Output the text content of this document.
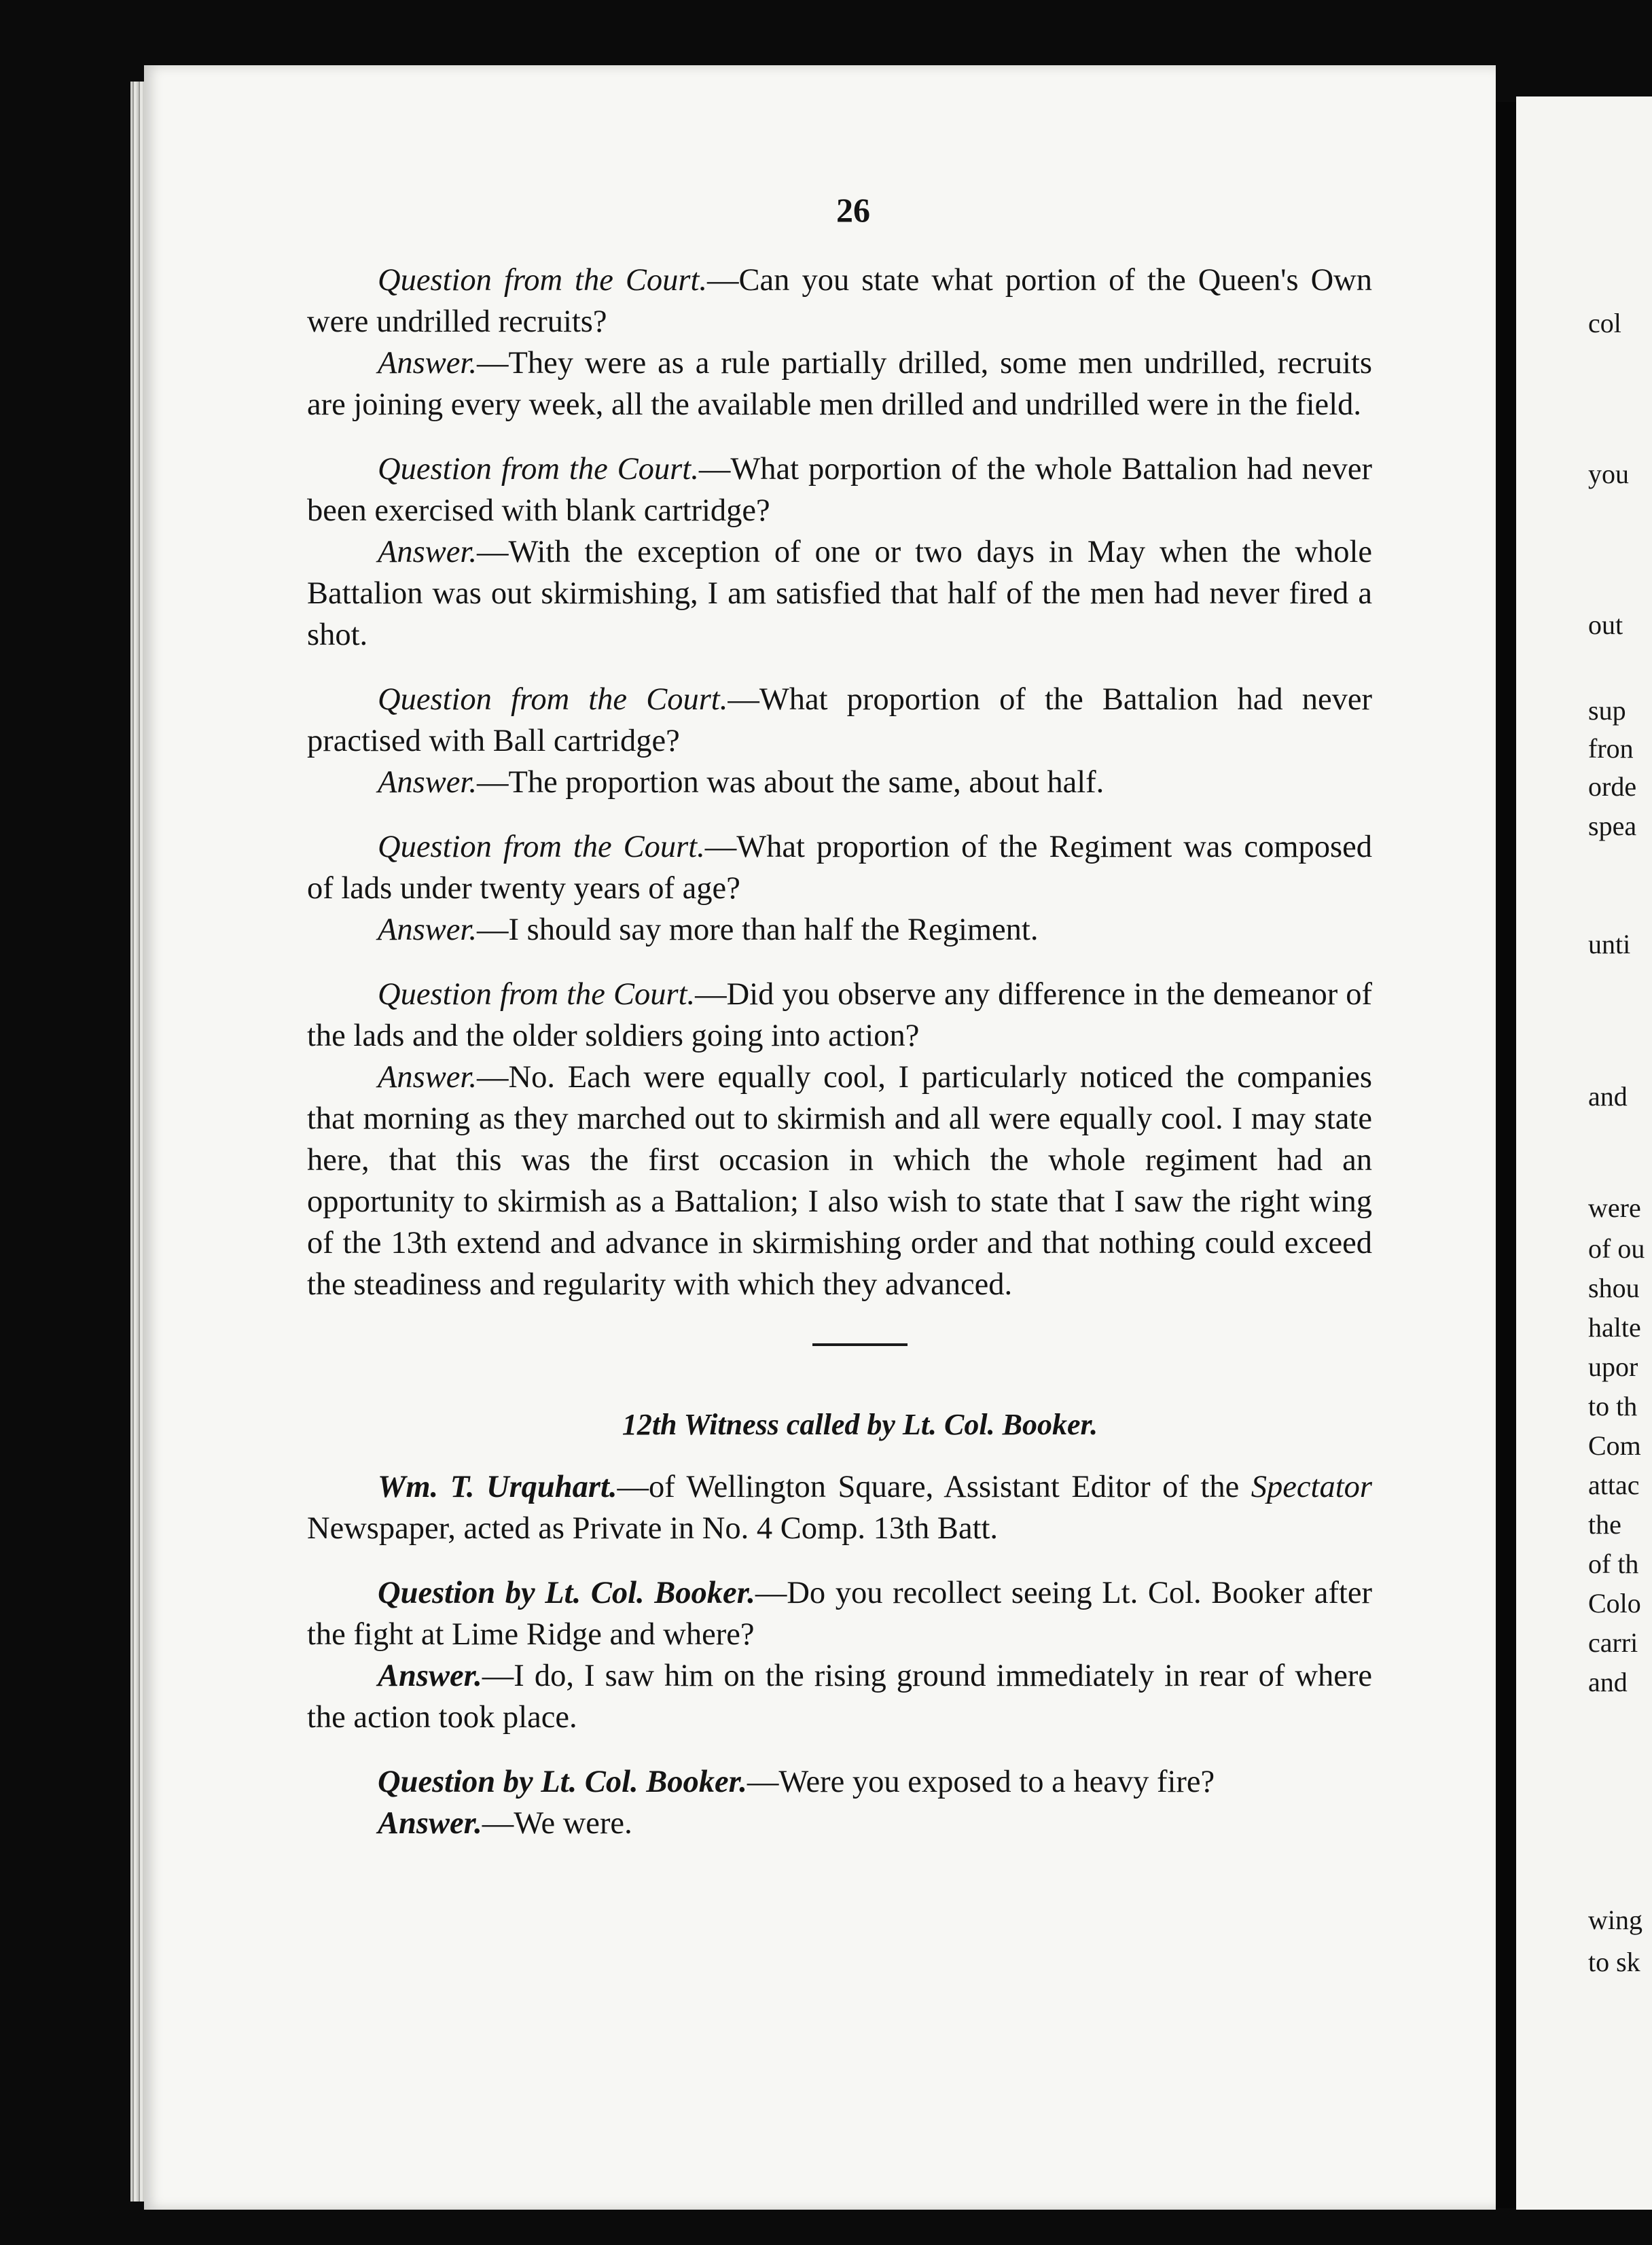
col
you
out
sup
fron
orde
spea
unti
and
were
of ou
shou
halte
upor
to th
Com
attac
the
of th
Colo
carri
and
wing
to sk
26

Question from the Court.—Can you state what portion of the Queen's Own were undrilled recruits?

Answer.—They were as a rule partially drilled, some men undrilled, recruits are joining every week, all the available men drilled and undrilled were in the field.

Question from the Court.—What porportion of the whole Battalion had never been exercised with blank cartridge?

Answer.—With the exception of one or two days in May when the whole Battalion was out skirmishing, I am satisfied that half of the men had never fired a shot.

Question from the Court.—What proportion of the Battalion had never practised with Ball cartridge?

Answer.—The proportion was about the same, about half.

Question from the Court.—What proportion of the Regiment was composed of lads under twenty years of age?

Answer.—I should say more than half the Regiment.

Question from the Court.—Did you observe any difference in the demeanor of the lads and the older soldiers going into action?

Answer.—No. Each were equally cool, I particularly noticed the companies that morning as they marched out to skirmish and all were equally cool. I may state here, that this was the first occasion in which the whole regiment had an opportunity to skirmish as a Battalion; I also wish to state that I saw the right wing of the 13th extend and advance in skirmishing order and that nothing could exceed the steadiness and regularity with which they advanced.

12th Witness called by Lt. Col. Booker.

Wm. T. Urquhart.—of Wellington Square, Assistant Editor of the Spectator Newspaper, acted as Private in No. 4 Comp. 13th Batt.

Question by Lt. Col. Booker.—Do you recollect seeing Lt. Col. Booker after the fight at Lime Ridge and where?

Answer.—I do, I saw him on the rising ground immediately in rear of where the action took place.

Question by Lt. Col. Booker.—Were you exposed to a heavy fire?

Answer.—We were.
